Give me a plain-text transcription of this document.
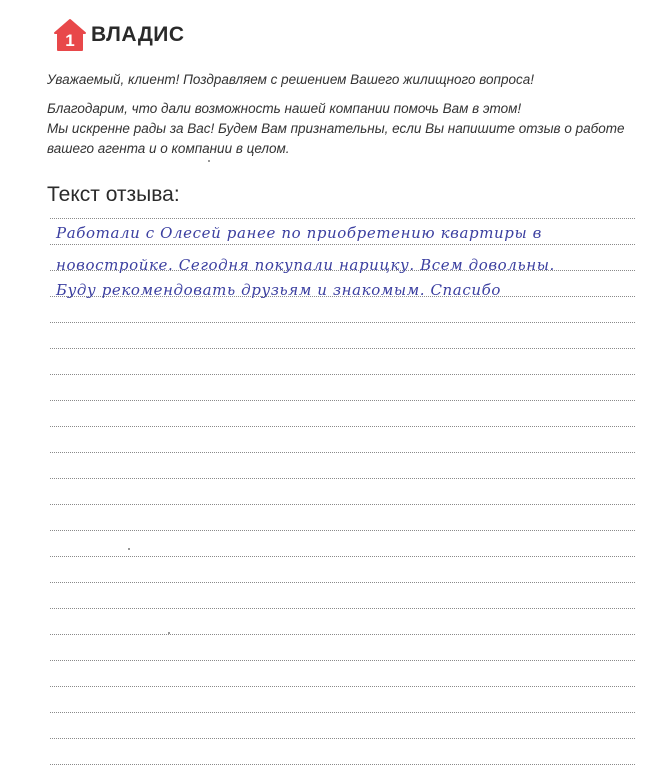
1 ВЛАДИС

Уважаемый, клиент! Поздравляем с решением Вашего жилищного вопроса!

Благодарим, что дали возможность нашей компании помочь Вам в этом!

Мы искренне рады за Вас! Будем Вам признательны, если Вы напишите отзыв о работе

вашего агента и о компании в целом.

Текст отзыва:
Работали с Олесей ранее по приобретению квартиры в
новостройке. Сегодня покупали нарицку. Всем довольны.
Буду рекомендовать друзьям и знакомым. Спасибо
